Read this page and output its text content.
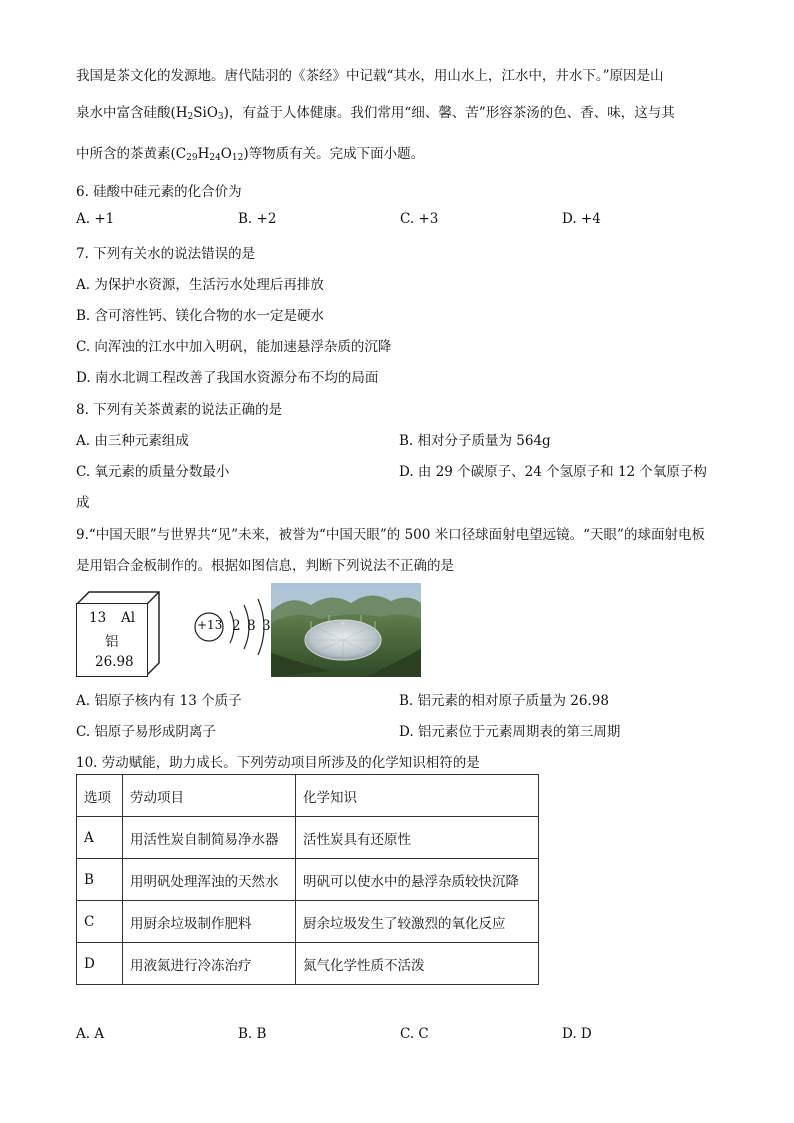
我国是茶文化的发源地。唐代陆羽的《茶经》中记载“其水，用山水上，江水中，井水下。”原因是山
泉水中富含硅酸$(H_2SiO_3)$，有益于人体健康。我们常用“细、馨、苦”形容茶汤的色、香、味，这与其
中所含的茶黄素$(C_{29}H_{24}O_{12})$等物质有关。完成下面小题。
6. 硅酸中硅元素的化合价为
A. +1	B. +2	C. +3	D. +4
7. 下列有关水的说法错误的是
A. 为保护水资源，生活污水处理后再排放
B. 含可溶性钙、镁化合物的水一定是硬水
C. 向浑浊的江水中加入明矾，能加速悬浮杂质的沉降
D. 南水北调工程改善了我国水资源分布不均的局面
8. 下列有关茶黄素的说法正确的是
A. 由三种元素组成	B. 相对分子质量为 564g
C. 氧元素的质量分数最小	D. 由 29 个碳原子、24 个氢原子和 12 个氧原子构
成
9.“中国天眼”与世界共“见”未来，被誉为“中国天眼”的 500 米口径球面射电望远镜。“天眼”的球面射电板
是用铝合金板制作的。根据如图信息，判断下列说法不正确的是
13 Al
铝
26.98
+13 2 8 3
A. 铝原子核内有 13 个质子	B. 铝元素的相对原子质量为 26.98
C. 铝原子易形成阴离子	D. 铝元素位于元素周期表的第三周期
10. 劳动赋能，助力成长。下列劳动项目所涉及的化学知识相符的是
选项	劳动项目	化学知识
A	用活性炭自制简易净水器	活性炭具有还原性
B	用明矾处理浑浊的天然水	明矾可以使水中的悬浮杂质较快沉降
C	用厨余垃圾制作肥料	厨余垃圾发生了较激烈的氧化反应
D	用液氮进行冷冻治疗	氮气化学性质不活泼
A. A	B. B	C. C	D. D
